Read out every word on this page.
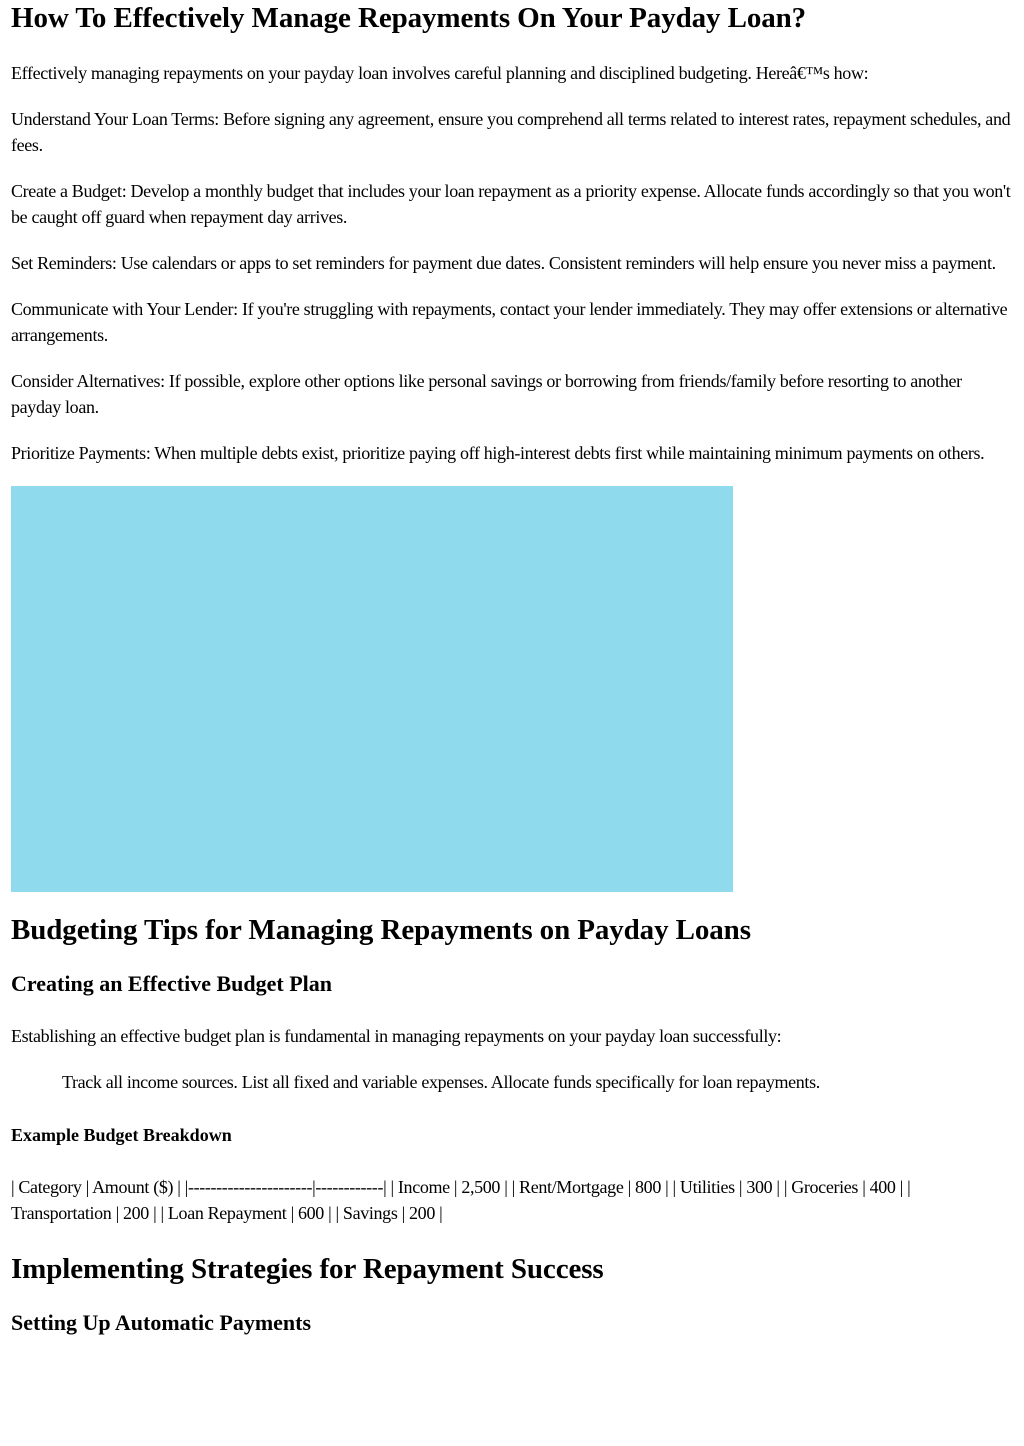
How To Effectively Manage Repayments On Your Payday Loan?

Effectively managing repayments on your payday loan involves careful planning and disciplined budgeting. Hereâ€™s how:

Understand Your Loan Terms: Before signing any agreement, ensure you comprehend all terms related to interest rates, repayment schedules, and fees.

Create a Budget: Develop a monthly budget that includes your loan repayment as a priority expense. Allocate funds accordingly so that you won't be caught off guard when repayment day arrives.

Set Reminders: Use calendars or apps to set reminders for payment due dates. Consistent reminders will help ensure you never miss a payment.

Communicate with Your Lender: If you're struggling with repayments, contact your lender immediately. They may offer extensions or alternative arrangements.

Consider Alternatives: If possible, explore other options like personal savings or borrowing from friends/family before resorting to another payday loan.

Prioritize Payments: When multiple debts exist, prioritize paying off high-interest debts first while maintaining minimum payments on others.

Budgeting Tips for Managing Repayments on Payday Loans
Creating an Effective Budget Plan

Establishing an effective budget plan is fundamental in managing repayments on your payday loan successfully:

Track all income sources. List all fixed and variable expenses. Allocate funds specifically for loan repayments.

Example Budget Breakdown

| Category | Amount ($) | |----------------------|------------| | Income | 2,500 | | Rent/Mortgage | 800 | | Utilities | 300 | | Groceries | 400 | | Transportation | 200 | | Loan Repayment | 600 | | Savings | 200 |

Implementing Strategies for Repayment Success
Setting Up Automatic Payments
